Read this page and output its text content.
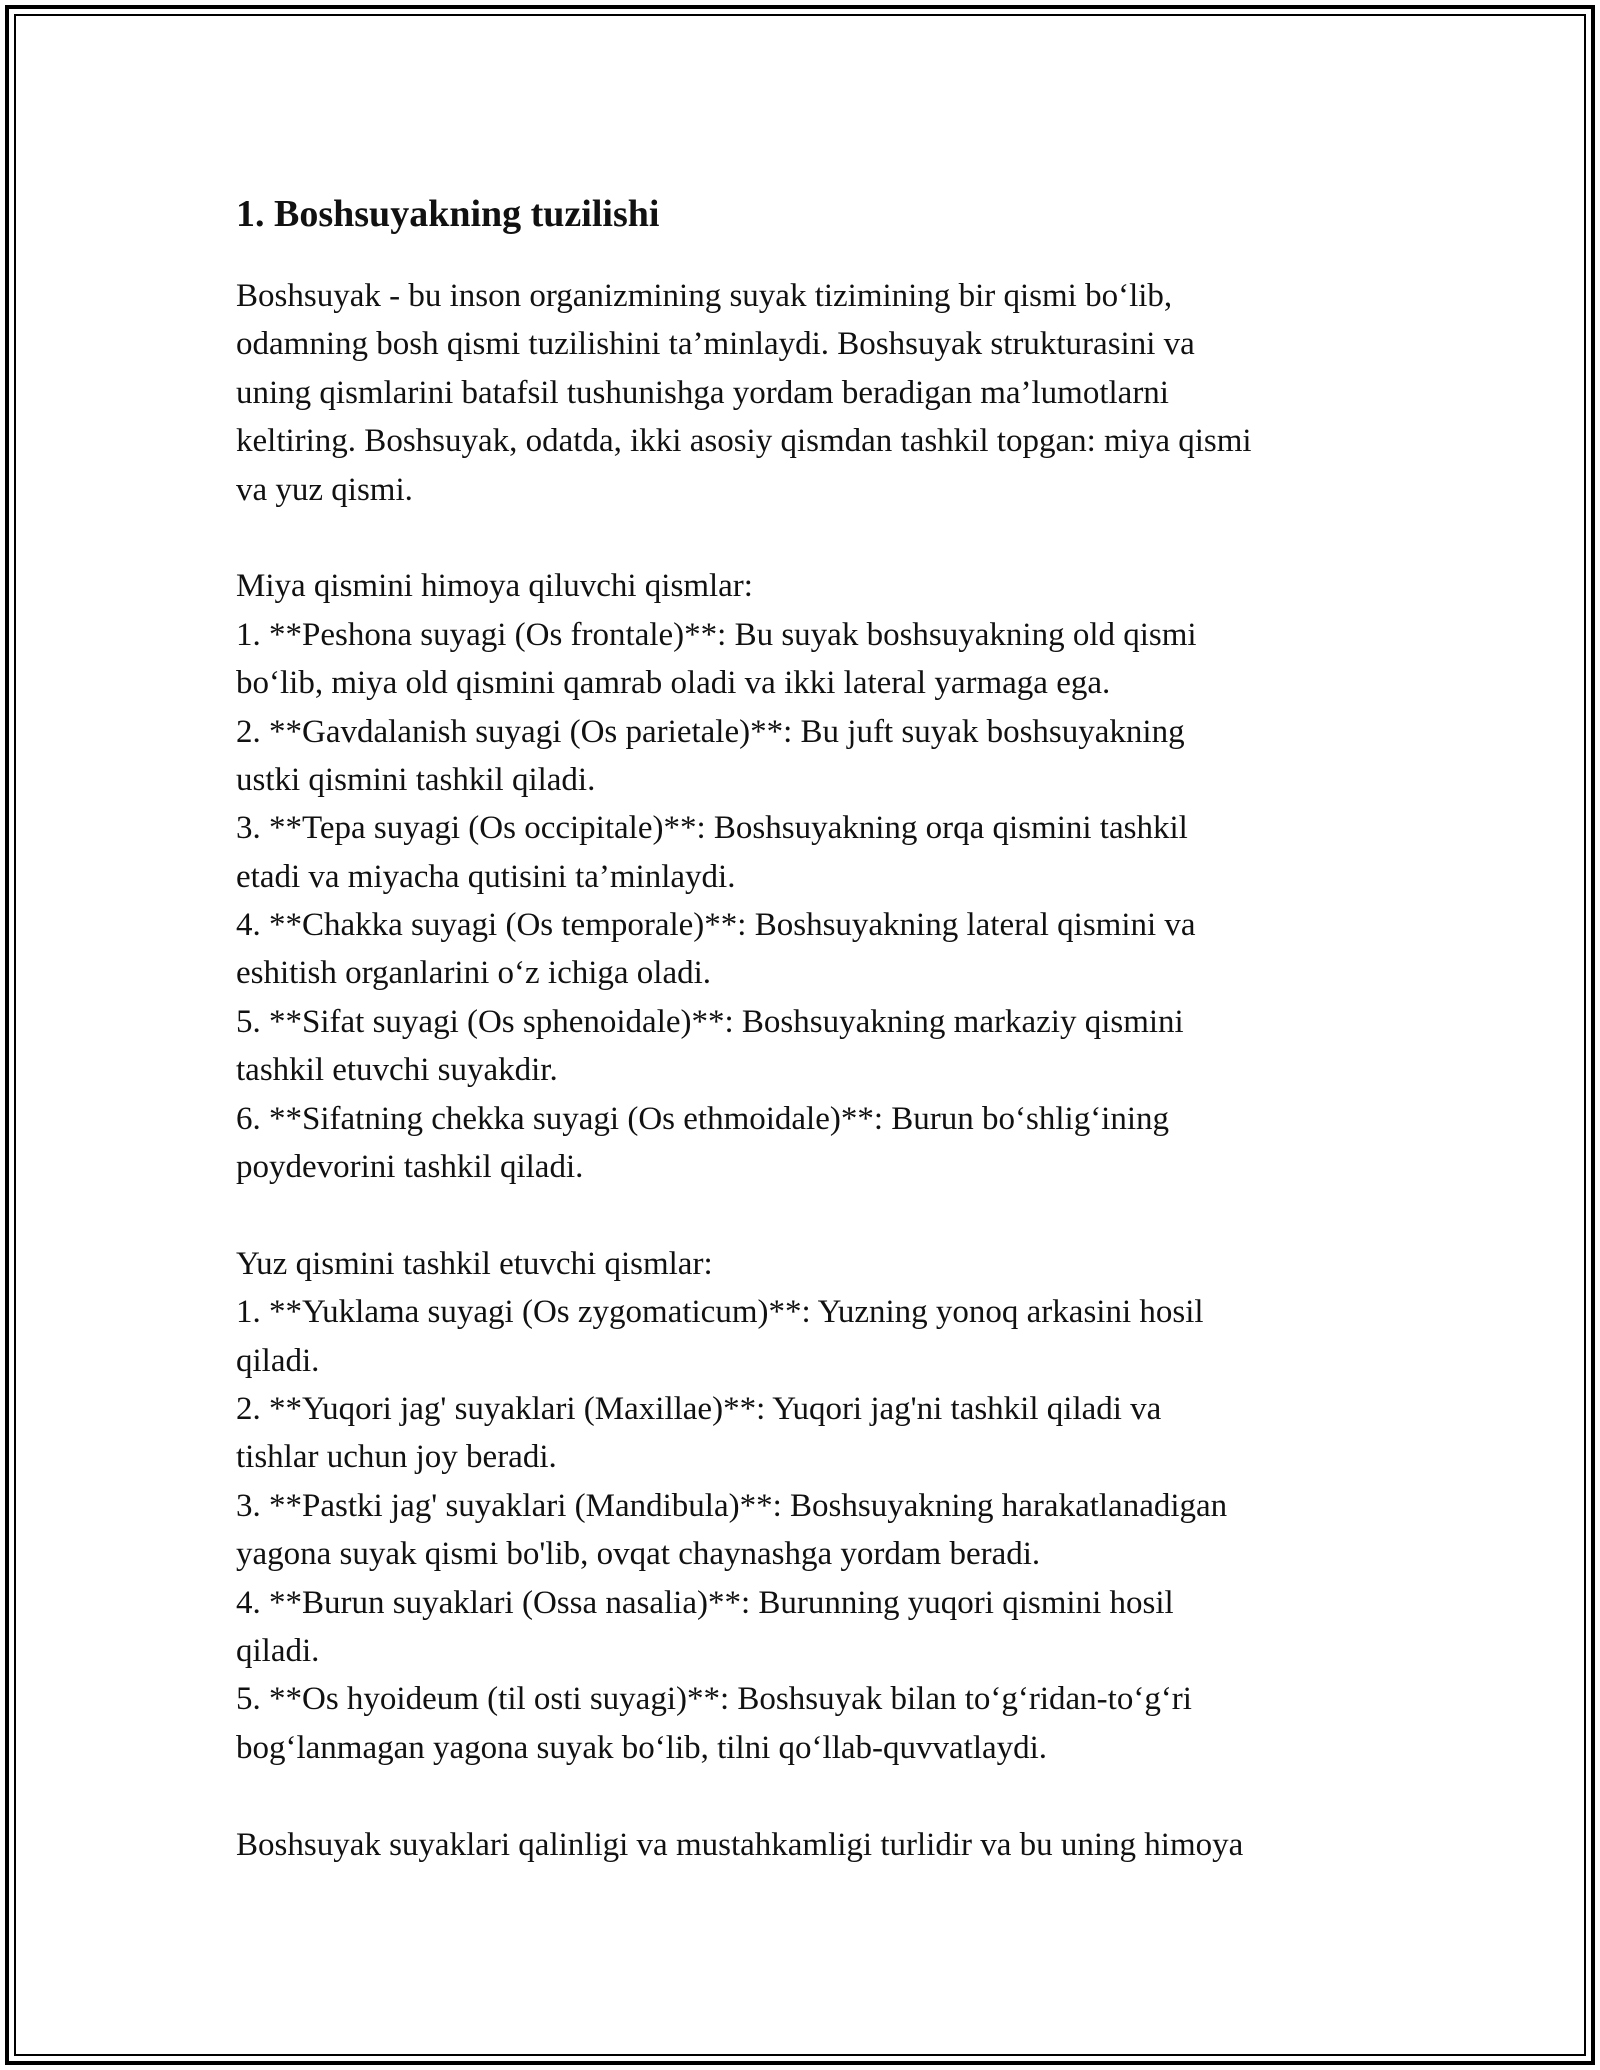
1. Boshsuyakning tuzilishi
Boshsuyak - bu inson organizmining suyak tizimining bir qismi bo‘lib,
odamning bosh qismi tuzilishini ta’minlaydi. Boshsuyak strukturasini va
uning qismlarini batafsil tushunishga yordam beradigan ma’lumotlarni
keltiring. Boshsuyak, odatda, ikki asosiy qismdan tashkil topgan: miya qismi
va yuz qismi.
Miya qismini himoya qiluvchi qismlar:
1. **Peshona suyagi (Os frontale)**: Bu suyak boshsuyakning old qismi
bo‘lib, miya old qismini qamrab oladi va ikki lateral yarmaga ega.
2. **Gavdalanish suyagi (Os parietale)**: Bu juft suyak boshsuyakning
ustki qismini tashkil qiladi.
3. **Tepa suyagi (Os occipitale)**: Boshsuyakning orqa qismini tashkil
etadi va miyacha qutisini ta’minlaydi.
4. **Chakka suyagi (Os temporale)**: Boshsuyakning lateral qismini va
eshitish organlarini o‘z ichiga oladi.
5. **Sifat suyagi (Os sphenoidale)**: Boshsuyakning markaziy qismini
tashkil etuvchi suyakdir.
6. **Sifatning chekka suyagi (Os ethmoidale)**: Burun bo‘shlig‘ining
poydevorini tashkil qiladi.
Yuz qismini tashkil etuvchi qismlar:
1. **Yuklama suyagi (Os zygomaticum)**: Yuzning yonoq arkasini hosil
qiladi.
2. **Yuqori jag' suyaklari (Maxillae)**: Yuqori jag'ni tashkil qiladi va
tishlar uchun joy beradi.
3. **Pastki jag' suyaklari (Mandibula)**: Boshsuyakning harakatlanadigan
yagona suyak qismi bo'lib, ovqat chaynashga yordam beradi.
4. **Burun suyaklari (Ossa nasalia)**: Burunning yuqori qismini hosil
qiladi.
5. **Os hyoideum (til osti suyagi)**: Boshsuyak bilan to‘g‘ridan-to‘g‘ri
bog‘lanmagan yagona suyak bo‘lib, tilni qo‘llab-quvvatlaydi.
Boshsuyak suyaklari qalinligi va mustahkamligi turlidir va bu uning himoya
